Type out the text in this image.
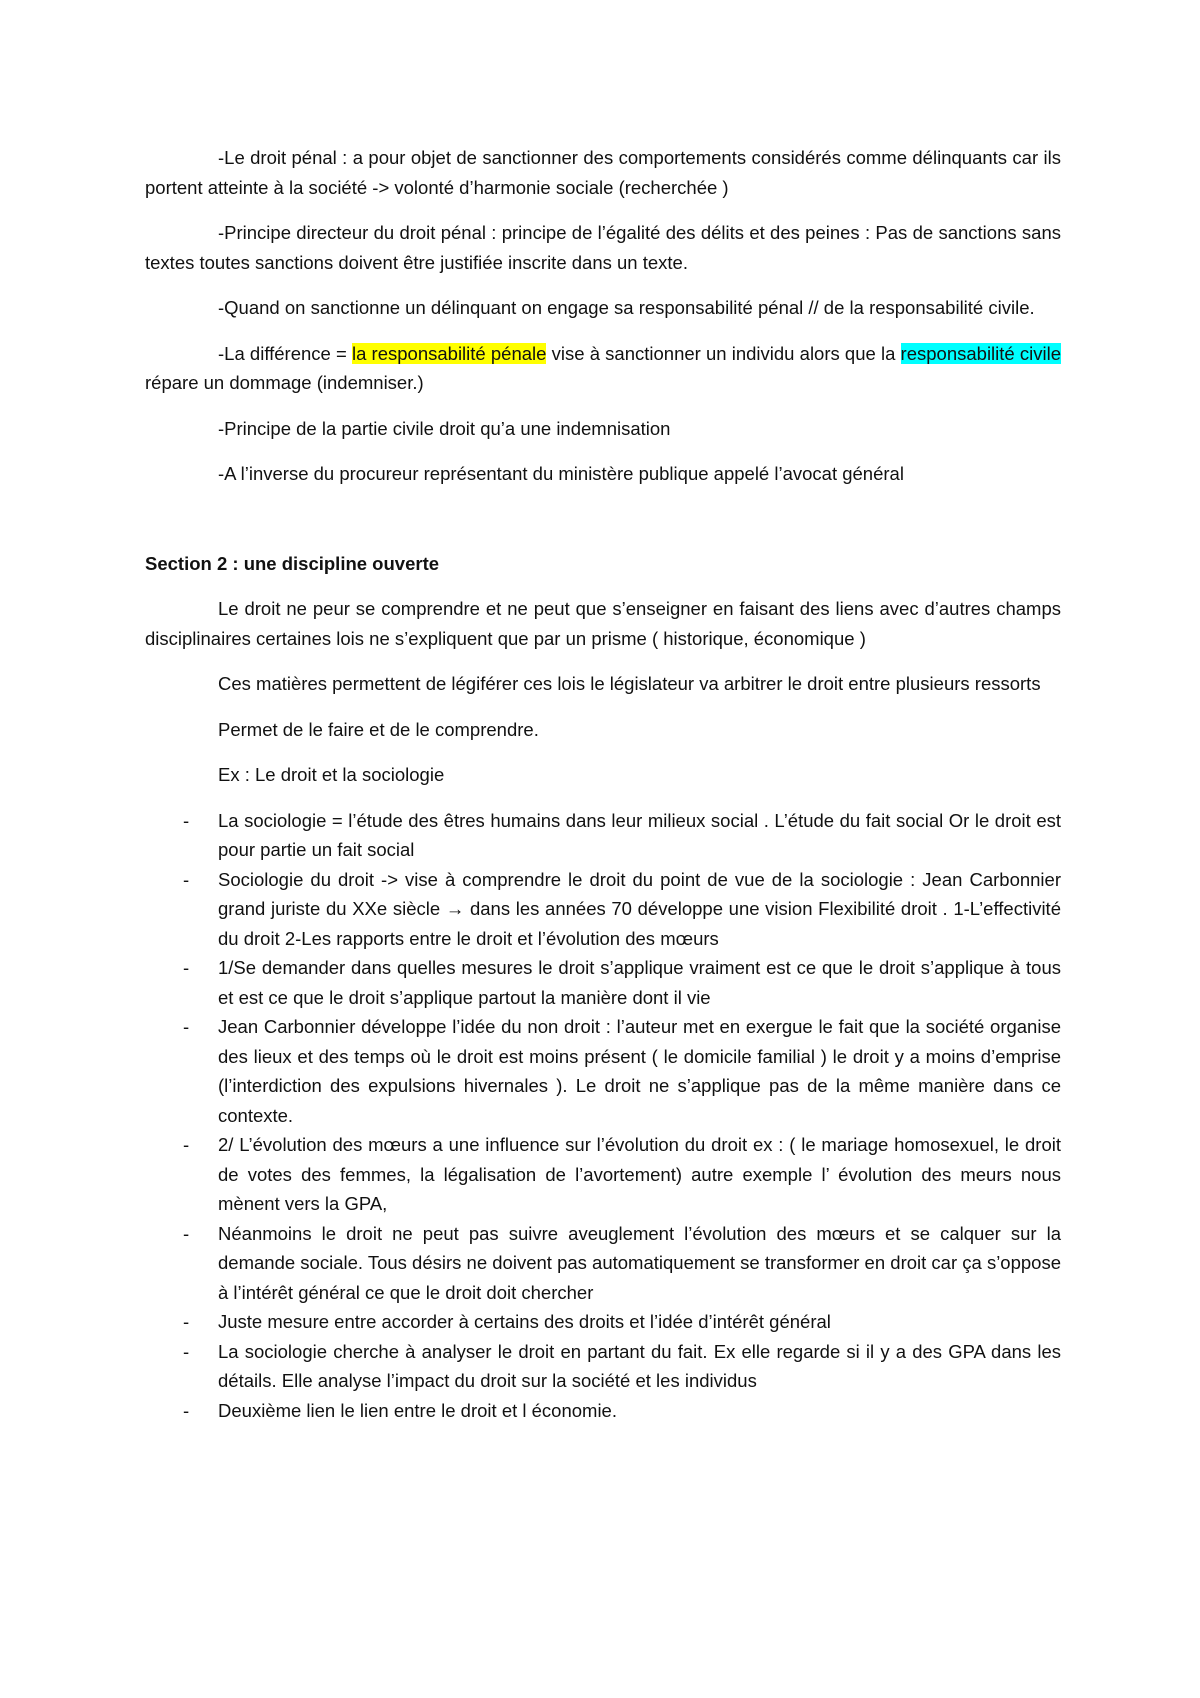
-Le droit pénal : a pour objet de sanctionner des comportements considérés comme délinquants car ils portent atteinte à la société -> volonté d’harmonie sociale (recherchée )

-Principe directeur du droit pénal : principe de l’égalité des délits et des peines : Pas de sanctions sans textes toutes sanctions doivent être justifiée inscrite dans un texte.

-Quand on sanctionne un délinquant on engage sa responsabilité pénal // de la responsabilité civile.

-La différence = la responsabilité pénale vise à sanctionner un individu alors que la responsabilité civile répare un dommage (indemniser.)

-Principe de la partie civile droit qu’a une indemnisation

-A l’inverse du procureur représentant du ministère publique appelé l’avocat général

Section 2 : une discipline ouverte

Le droit ne peur se comprendre et ne peut que s’enseigner en faisant des liens avec d’autres champs disciplinaires certaines lois ne s’expliquent que par un prisme ( historique, économique )

Ces matières permettent de légiférer ces lois le législateur va arbitrer le droit entre plusieurs ressorts

Permet de le faire et de le comprendre.

Ex : Le droit et la sociologie

- La sociologie = l’étude des êtres humains dans leur milieux social . L’étude du fait social Or le droit est pour partie un fait social
- Sociologie du droit -> vise à comprendre le droit du point de vue de la sociologie : Jean Carbonnier grand juriste du XXe siècle → dans les années 70 développe une vision Flexibilité droit . 1-L’effectivité du droit 2-Les rapports entre le droit et l’évolution des mœurs
- 1/Se demander dans quelles mesures le droit s’applique vraiment est ce que le droit s’applique à tous et est ce que le droit s’applique partout la manière dont il vie
- Jean Carbonnier développe l’idée du non droit : l’auteur met en exergue le fait que la société organise des lieux et des temps où le droit est moins présent ( le domicile familial ) le droit y a moins d’emprise (l’interdiction des expulsions hivernales ). Le droit ne s’applique pas de la même manière dans ce contexte.
- 2/ L’évolution des mœurs a une influence sur l’évolution du droit ex : ( le mariage homosexuel, le droit de votes des femmes, la légalisation de l’avortement) autre exemple l’ évolution des meurs nous mènent vers la GPA,
- Néanmoins le droit ne peut pas suivre aveuglement l’évolution des mœurs et se calquer sur la demande sociale. Tous désirs ne doivent pas automatiquement se transformer en droit car ça s’oppose à l’intérêt général ce que le droit doit chercher
- Juste mesure entre accorder à certains des droits et l’idée d’intérêt général
- La sociologie cherche à analyser le droit en partant du fait. Ex elle regarde si il y a des GPA dans les détails. Elle analyse l’impact du droit sur la société et les individus
- Deuxième lien le lien entre le droit et l économie.
